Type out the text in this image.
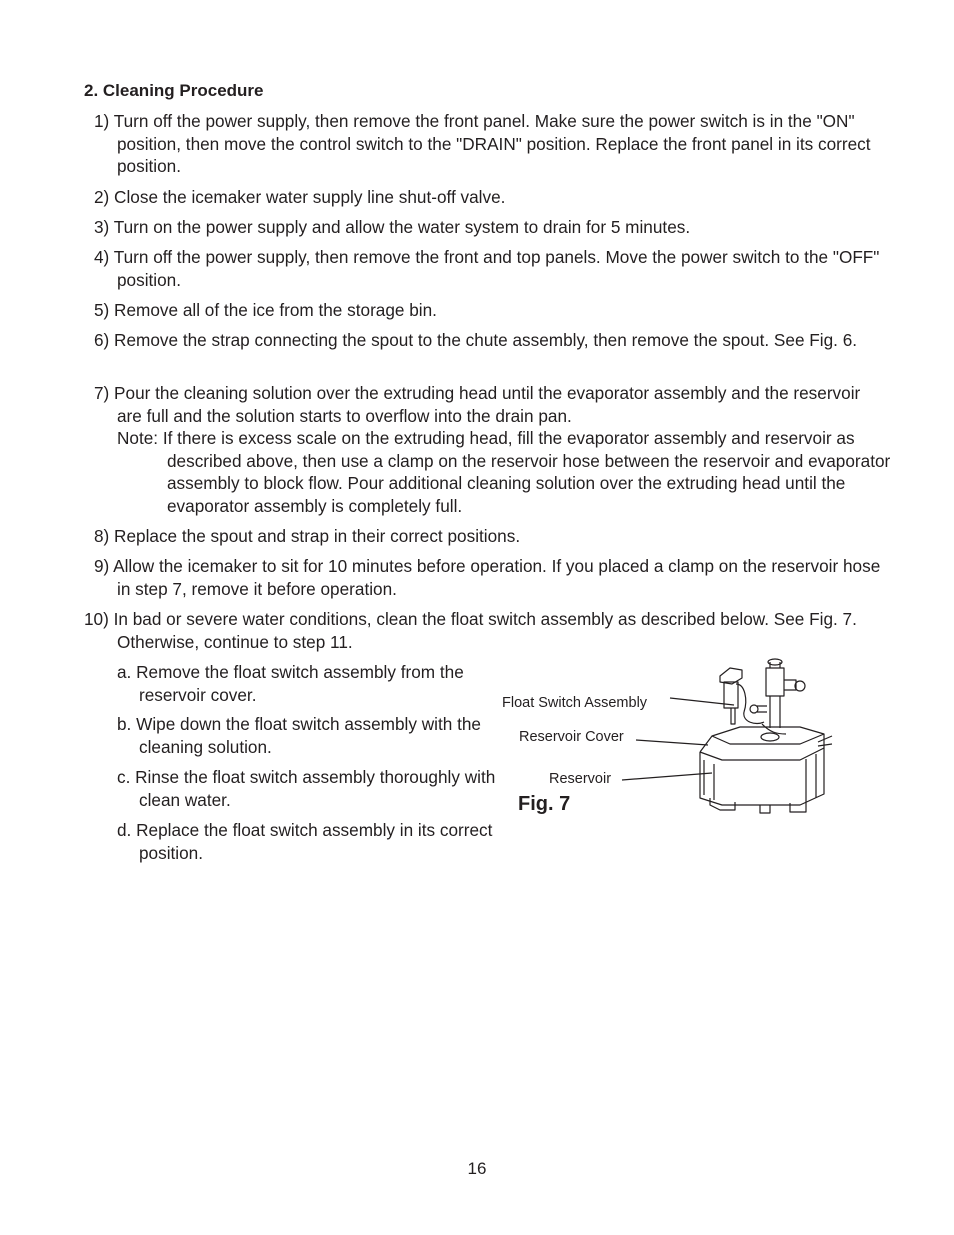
2. Cleaning Procedure
1) Turn off the power supply, then remove the front panel. Make sure the power switch is in the "ON" position, then move the control switch to the "DRAIN" position. Replace the front panel in its correct position.
2) Close the icemaker water supply line shut-off valve.
3) Turn on the power supply and allow the water system to drain for 5 minutes.
4) Turn off the power supply, then remove the front and top panels. Move the power switch to the "OFF" position.
5) Remove all of the ice from the storage bin.
6) Remove the strap connecting the spout to the chute assembly, then remove the spout. See Fig. 6.
7) Pour the cleaning solution over the extruding head until the evaporator assembly and the reservoir are full and the solution starts to overflow into the drain pan.
Note: If there is excess scale on the extruding head, fill the evaporator assembly and reservoir as described above, then use a clamp on the reservoir hose between the reservoir and evaporator assembly to block flow. Pour additional cleaning solution over the extruding head until the evaporator assembly is completely full.
8) Replace the spout and strap in their correct positions.
9) Allow the icemaker to sit for 10 minutes before operation. If you placed a clamp on the reservoir hose in step 7, remove it before operation.
10) In bad or severe water conditions, clean the float switch assembly as described below. See Fig. 7. Otherwise, continue to step 11.
a. Remove the float switch assembly from the reservoir cover.
b. Wipe down the float switch assembly with the cleaning solution.
c. Rinse the float switch assembly thoroughly with clean water.
d. Replace the float switch assembly in its correct position.
Float Switch Assembly
Reservoir Cover
Reservoir
Fig. 7
16
